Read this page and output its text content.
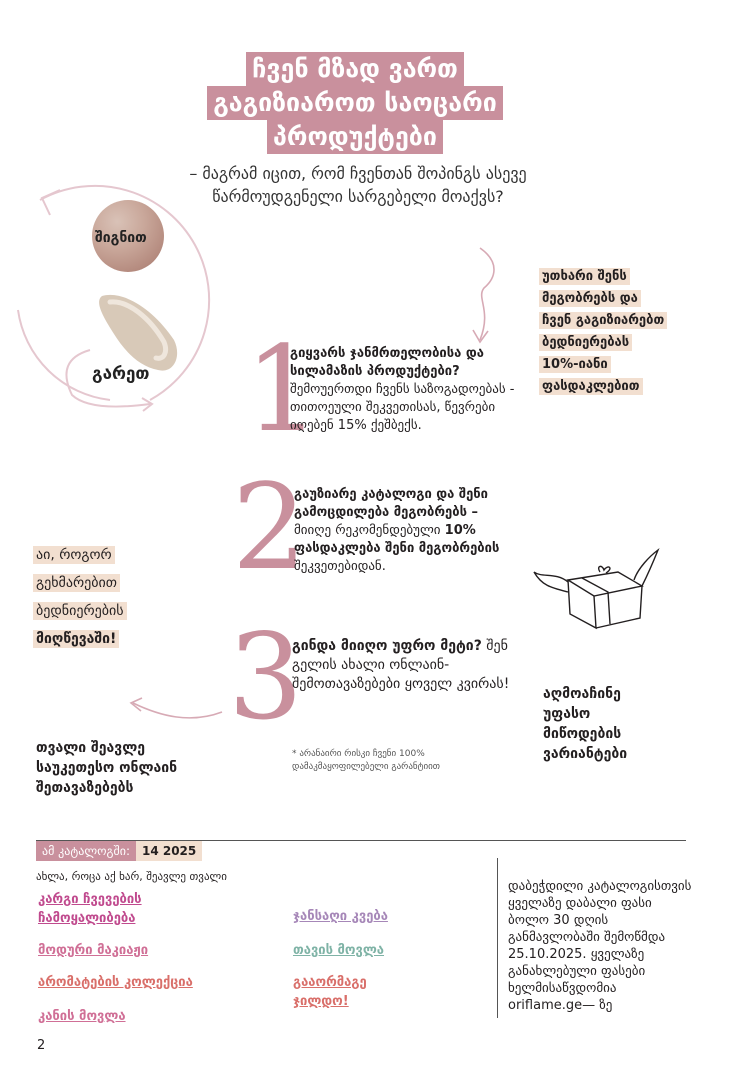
ჩვენ მზად ვართ
გაგიზიაროთ საოცარი
პროდუქტები
– მაგრამ იცით, რომ ჩვენთან შოპინგს ასევე წარმოუდგენელი სარგებელი მოაქვს?
შიგნით
გარეთ
უთხარი შენს
მეგობრებს და
ჩვენ გაგიზიარებთ
ბედნიერებას
10%-იანი
ფასდაკლებით
1
გიყვარს ჯანმრთელობისა და სილამაზის პროდუქტები? შემოუერთდი ჩვენს საზოგადოებას - თითოეული შეკვეთისას, წევრები იღებენ 15% ქეშბექს.
2
გაუზიარე კატალოგი და შენი გამოცდილება მეგობრებს – მიიღე რეკომენდებული 10% ფასდაკლება შენი მეგობრების შეკვეთებიდან.
3
გინდა მიიღო უფრო მეტი? შენ გელის ახალი ონლაინ-შემოთავაზებები ყოველ კვირას!
* არანაირი რისკი ჩვენი 100% დამაკმაყოფილებელი გარანტიით
აი, როგორ
გეხმარებით
ბედნიერების
მიღწევაში!
თვალი შეავლე საუკეთესო ონლაინ შეთავაზებებს
აღმოაჩინე უფასო მიწოდების ვარიანტები
ამ კატალოგში:	14 2025
ახლა, როცა აქ ხარ, შეავლე თვალი
კარგი ჩვევების ჩამოყალიბება
მოდური მაკიაჟი
არომატების კოლექცია
კანის მოვლა
ჯანსაღი კვება
თავის მოვლა
გააორმაგე ჯილდო!
დაბეჭდილი კატალოგისთვის ყველაზე დაბალი ფასი ბოლო 30 დღის განმავლობაში შემოწმდა 25.10.2025. ყველაზე განახლებული ფასები ხელმისაწვდომია oriflame.ge— ზე
2
